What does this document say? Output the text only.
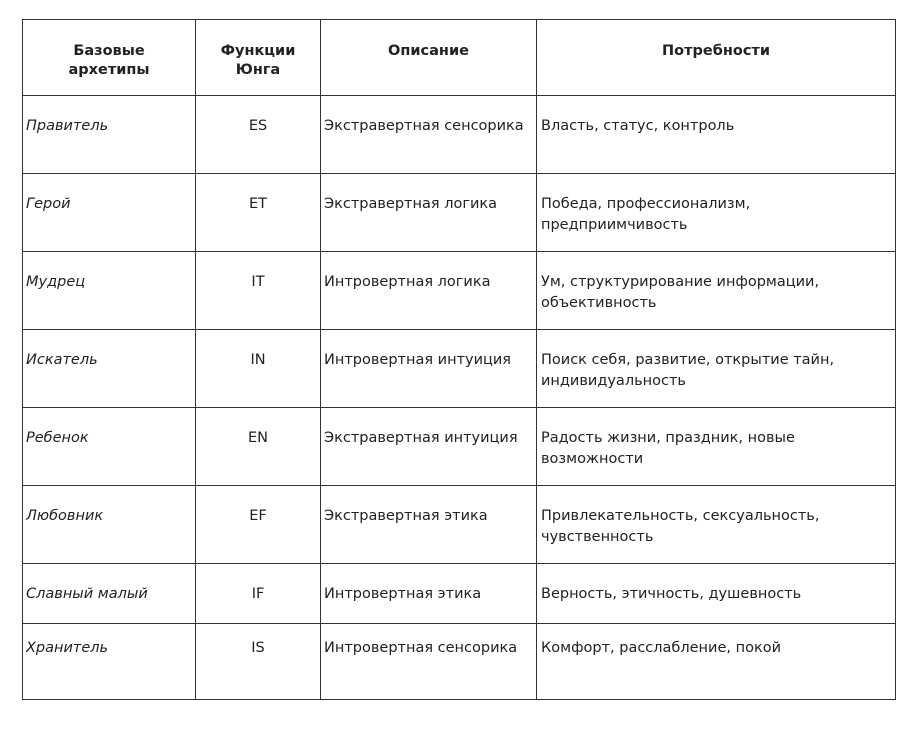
Базовые архетипы	Функции Юнга	Описание	Потребности
Правитель	ES	Экстравертная сенсорика	Власть, статус, контроль
Герой	ET	Экстравертная логика	Победа, профессионализм, предприимчивость
Мудрец	IT	Интровертная логика	Ум, структурирование информации, объективность
Искатель	IN	Интровертная интуиция	Поиск себя, развитие, открытие тайн, индивидуальность
Ребенок	EN	Экстравертная интуиция	Радость жизни, праздник, новые возможности
Любовник	EF	Экстравертная этика	Привлекательность, сексуальность, чувственность
Славный малый	IF	Интровертная этика	Верность, этичность, душевность
Хранитель	IS	Интровертная сенсорика	Комфорт, расслабление, покой
